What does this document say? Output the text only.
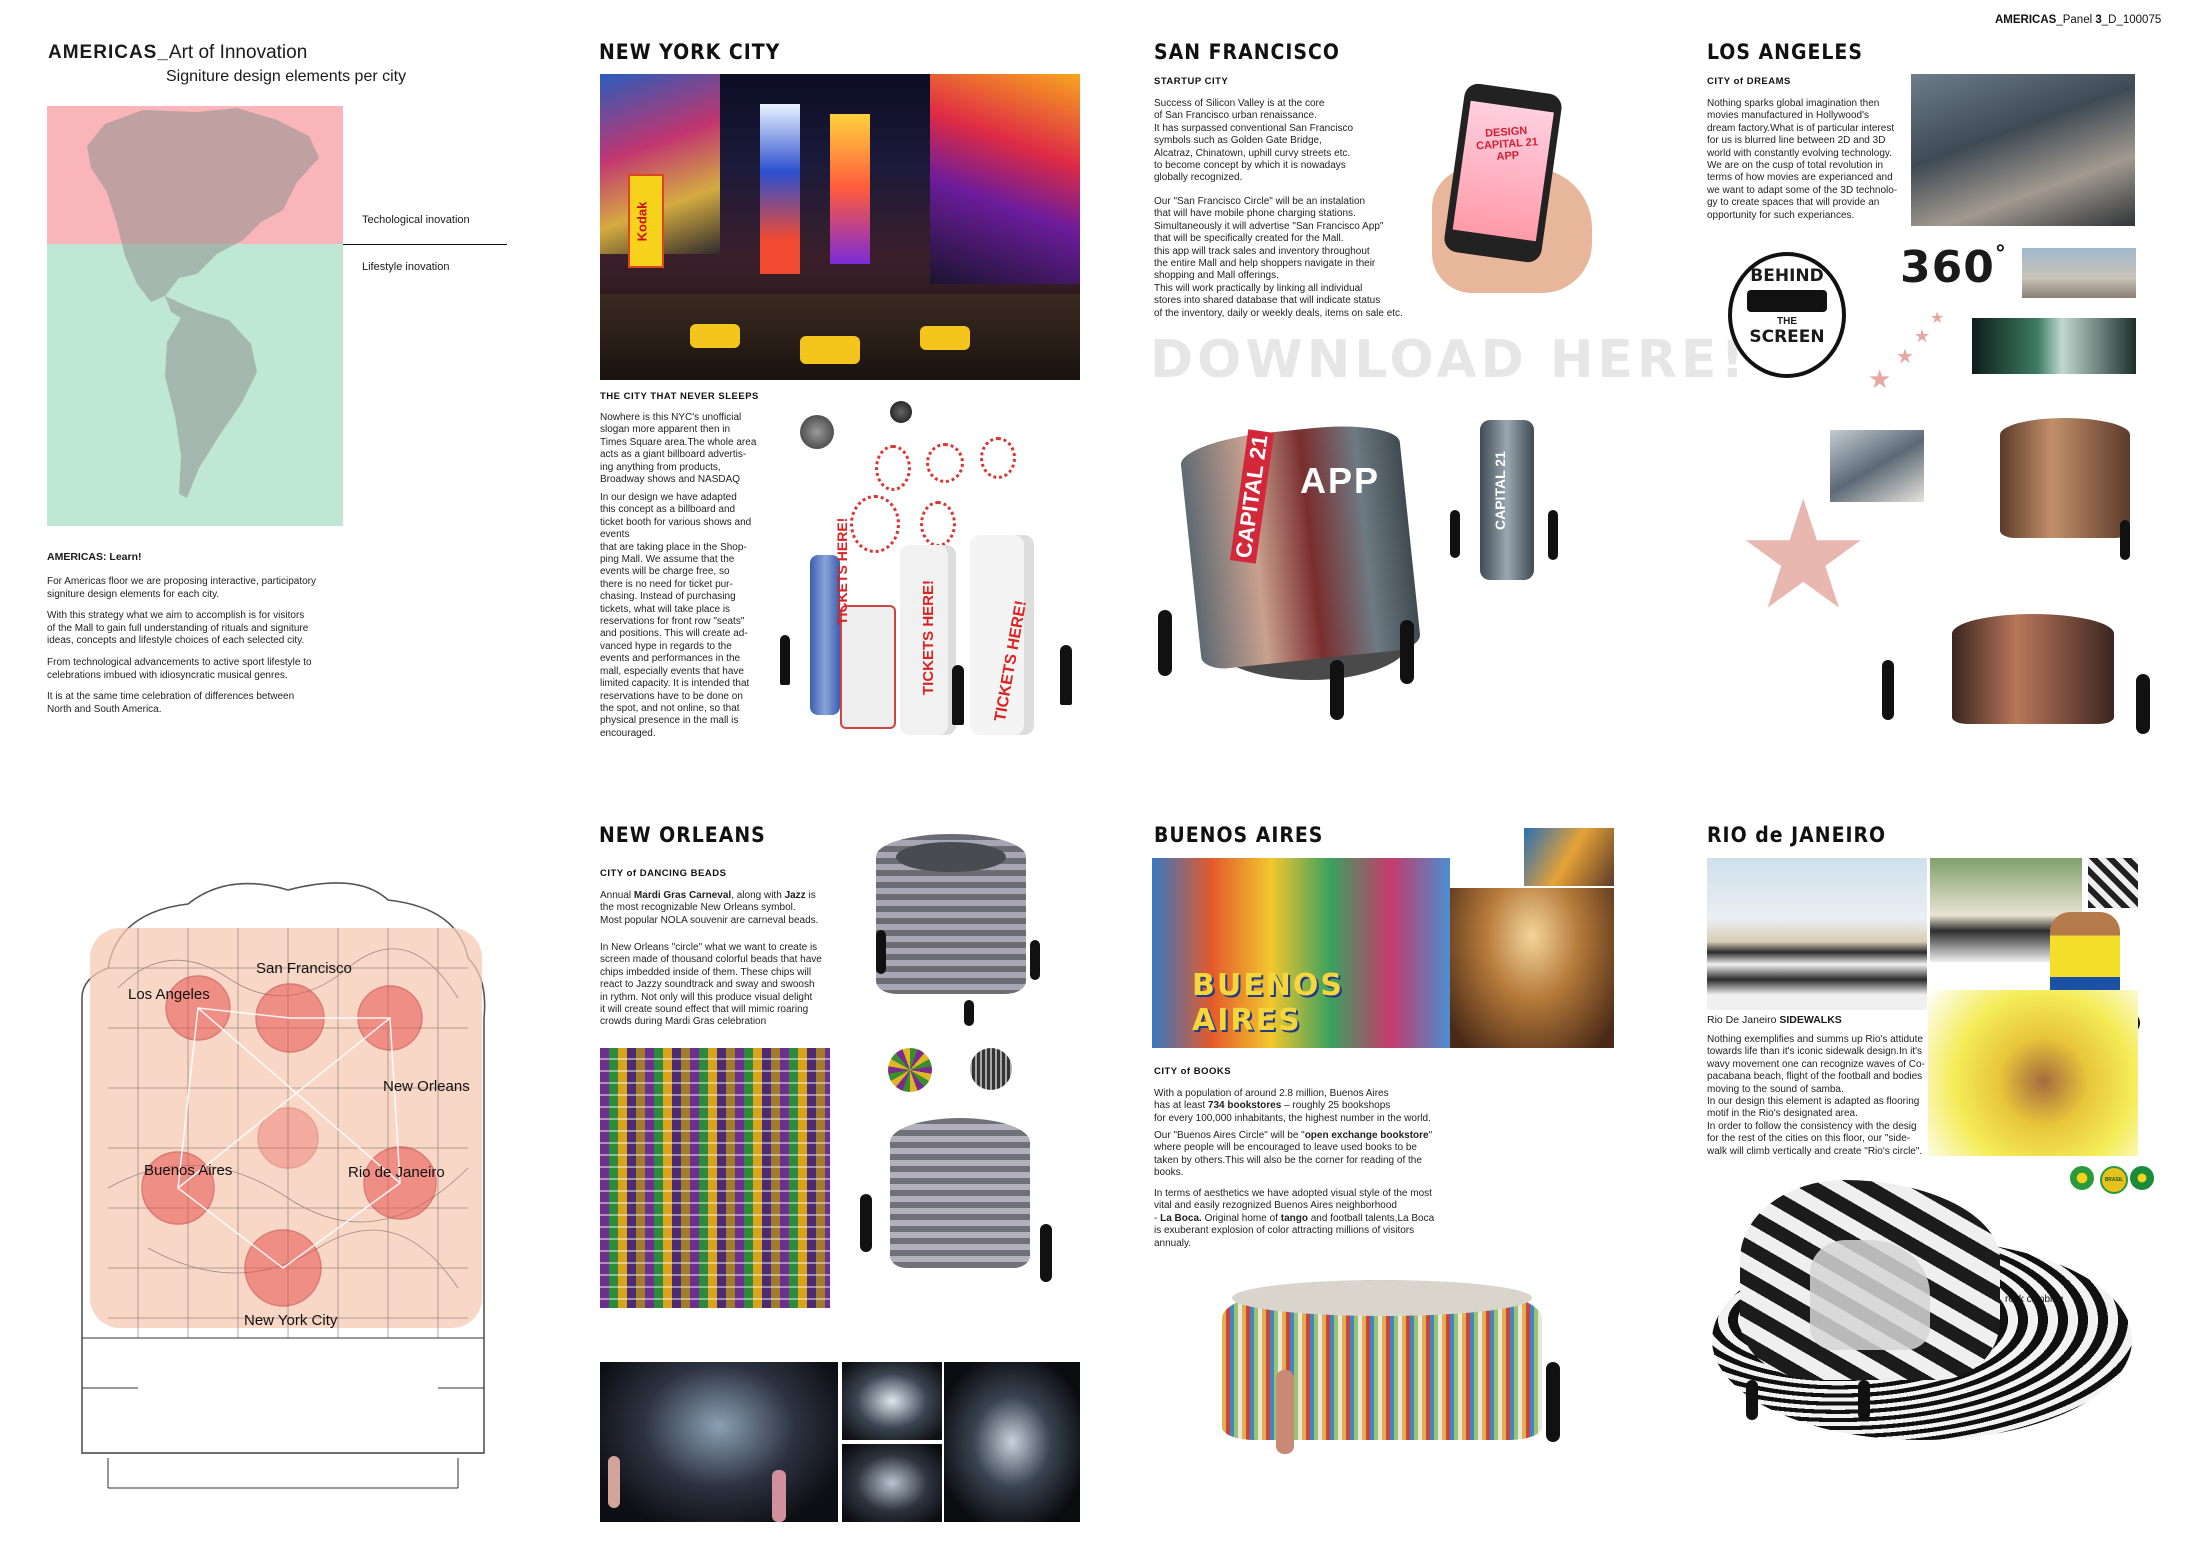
AMERICAS_Panel 3_D_100075
AMERICAS_Art of Innovation
Signiture design elements per city
Techological inovation
Lifestyle inovation
AMERICAS: Learn!

For Americas floor we are proposing interactive, participatory
signiture design elements for each city.

With this strategy what we aim to accomplish is for visitors
of the Mall to gain full understanding of rituals and signiture
ideas, concepts and lifestyle choices of each selected city.

From technological advancements to active sport lifestyle to
celebrations imbued with idiosyncratic musical genres.

It is at the same time celebration of differences between
North and South America.

San Francisco
Los Angeles
New Orleans
Buenos Aires	Rio de Janeiro
New York City
NEW YORK CITY
Kodak
THE CITY THAT NEVER SLEEPS
Nowhere is this NYC's unofficial
slogan more apparent then in
Times Square area.The whole area
acts as a giant billboard advertis-
ing anything from products,
Broadway shows and NASDAQ
In our design we have adapted
this concept as a billboard and
ticket booth for various shows and
events
that are taking place in the Shop-
ping Mall. We assume that the
events will be charge free, so
there is no need for ticket pur-
chasing. Instead of purchasing
tickets, what will take place is
reservations for front row "seats"
and positions. This will create ad-
vanced hype in regards to the
events and performances in the
mall, especially events that have
limited capacity. It is intended that
reservations have to be done on
the spot, and not online, so that
physical presence in the mall is
encouraged.
TICKETS HERE!
TICKETS HERE!	TICKETS HERE!
SAN FRANCISCO
STARTUP CITY
Success of Silicon Valley is at the core
of San Francisco urban renaissance.
It has surpassed conventional San Francisco
symbols such as Golden Gate Bridge,
Alcatraz, Chinatown, uphill curvy streets etc.
to become concept by which it is nowadays
globally recognized.
Our "San Francisco Circle" will be an instalation
that will have mobile phone charging stations.
Simultaneously it will advertise "San Francisco App"
that will be specifically created for the Mall.
this app will track sales and inventory throughout
the entire Mall and help shoppers navigate in their
shopping and Mall offerings.
This will work practically by linking all individual
stores into shared database that will indicate status
of the inventory, daily or weekly deals, items on sale etc.
DESIGN CAPITAL 21 APP
DOWNLOAD HERE!
CAPITAL 21 APP	CAPITAL 21
LOS ANGELES
CITY of DREAMS
Nothing sparks global imagination then
movies manufactured in Hollywood's
dream factory.What is of particular interest
for us is blurred line between 2D and 3D
world with constantly evolving technology.
We are on the cusp of total revolution in
terms of how movies are experianced and
we want to adapt some of the 3D technolo-
gy to create spaces that will provide an
opportunity for such experiances.
BEHIND
THE
SCREEN
360°
★
★
★
★
★
NEW ORLEANS
CITY of DANCING BEADS
Annual Mardi Gras Carneval, along with Jazz is
the most recognizable New Orleans symbol.
Most popular NOLA souvenir are carneval beads.
In New Orleans "circle" what we want to create is
screen made of thousand colorful beads that have
chips imbedded inside of them. These chips will
react to Jazzy soundtrack and sway and swoosh
in rythm. Not only will this produce visual delight
it will create sound effect that will mimic roaring
crowds during Mardi Gras celebration
BUENOS AIRES
BUENOS AIRES
CITY of BOOKS
With a population of around 2.8 million, Buenos Aires
has at least 734 bookstores – roughly 25 bookshops
for every 100,000 inhabitants, the highest number in the world.
Our "Buenos Aires Circle" will be "open exchange bookstore"
where people will be encouraged to leave used books to be
taken by others.This will also be the corner for reading of the
books.
In terms of aesthetics we have adopted visual style of the most
vital and easily rezognized Buenos Aires neighborhood
- La Boca. Original home of tango and football talents,La Boca
is exuberant explosion of color attracting millions of visitors
annualy.
RIO de JANEIRO
Rio De Janeiro SIDEWALKS
Nothing exemplifies and summs up Rio's attidute
towards life than it's iconic sidewalk design.In it's
wavy movement one can recognize waves of Co-
pacabana beach, flight of the football and bodies
moving to the sound of samba.
In our design this element is adapted as flooring
motif in the Rio's designated area.
In order to follow the consistency with the desig
for the rest of the cities on this floor, our "side-
walk will climb vertically and create "Rio's circle".
BRASIL
rock climbing
